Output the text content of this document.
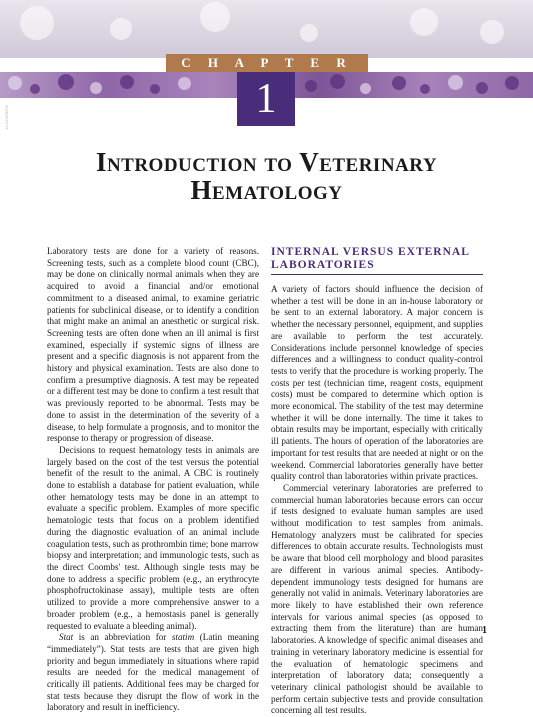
C H A P T E R
1
10.1016/B978
Introduction to Veterinary
Hematology

Laboratory tests are done for a variety of reasons. Screening tests, such as a complete blood count (CBC), may be done on clinically normal animals when they are acquired to avoid a financial and/or emotional commitment to a diseased animal, to examine geriatric patients for subclinical disease, or to identify a condition that might make an animal an anesthetic or surgical risk. Screening tests are often done when an ill animal is first examined, especially if systemic signs of illness are present and a specific diagnosis is not apparent from the history and physical examination. Tests are also done to confirm a presumptive diagnosis. A test may be repeated or a different test may be done to confirm a test result that was previously reported to be abnormal. Tests may be done to assist in the determination of the severity of a disease, to help formulate a prognosis, and to monitor the response to therapy or progression of disease.

Decisions to request hematology tests in animals are largely based on the cost of the test versus the potential benefit of the result to the animal. A CBC is routinely done to establish a database for patient evaluation, while other hematology tests may be done in an attempt to evaluate a specific problem. Examples of more specific hematologic tests that focus on a problem identified during the diagnostic evaluation of an animal include coagulation tests, such as prothrombin time; bone marrow biopsy and interpretation; and immunologic tests, such as the direct Coombs' test. Although single tests may be done to address a specific problem (e.g., an erythrocyte phosphofructokinase assay), multiple tests are often utilized to provide a more comprehensive answer to a broader problem (e.g., a hemostasis panel is generally requested to evaluate a bleeding animal).

Stat is an abbreviation for statim (Latin meaning “immediately”). Stat tests are tests that are given high priority and begun immediately in situations where rapid results are needed for the medical management of critically ill patients. Additional fees may be charged for stat tests because they disrupt the flow of work in the laboratory and result in inefficiency.

INTERNAL VERSUS EXTERNAL
LABORATORIES

A variety of factors should influence the decision of whether a test will be done in an in-house laboratory or be sent to an external laboratory. A major concern is whether the necessary personnel, equipment, and supplies are available to perform the test accurately. Considerations include personnel knowledge of species differences and a willingness to conduct quality-control tests to verify that the procedure is working properly. The costs per test (technician time, reagent costs, equipment costs) must be compared to determine which option is more economical. The stability of the test may determine whether it will be done internally. The time it takes to obtain results may be important, especially with critically ill patients. The hours of operation of the laboratories are important for test results that are needed at night or on the weekend. Commercial laboratories generally have better quality control than laboratories within private practices.

Commercial veterinary laboratories are preferred to commercial human laboratories because errors can occur if tests designed to evaluate human samples are used without modification to test samples from animals. Hematology analyzers must be calibrated for species differences to obtain accurate results. Technologists must be aware that blood cell morphology and blood parasites are different in various animal species. Antibody-dependent immunology tests designed for humans are generally not valid in animals. Veterinary laboratories are more likely to have established their own reference intervals for various animal species (as opposed to extracting them from the literature) than are human laboratories. A knowledge of specific animal diseases and training in veterinary laboratory medicine is essential for the evaluation of hematologic specimens and interpretation of laboratory data; consequently a veterinary clinical pathologist should be available to perform certain subjective tests and provide consultation concerning all test results.

1
